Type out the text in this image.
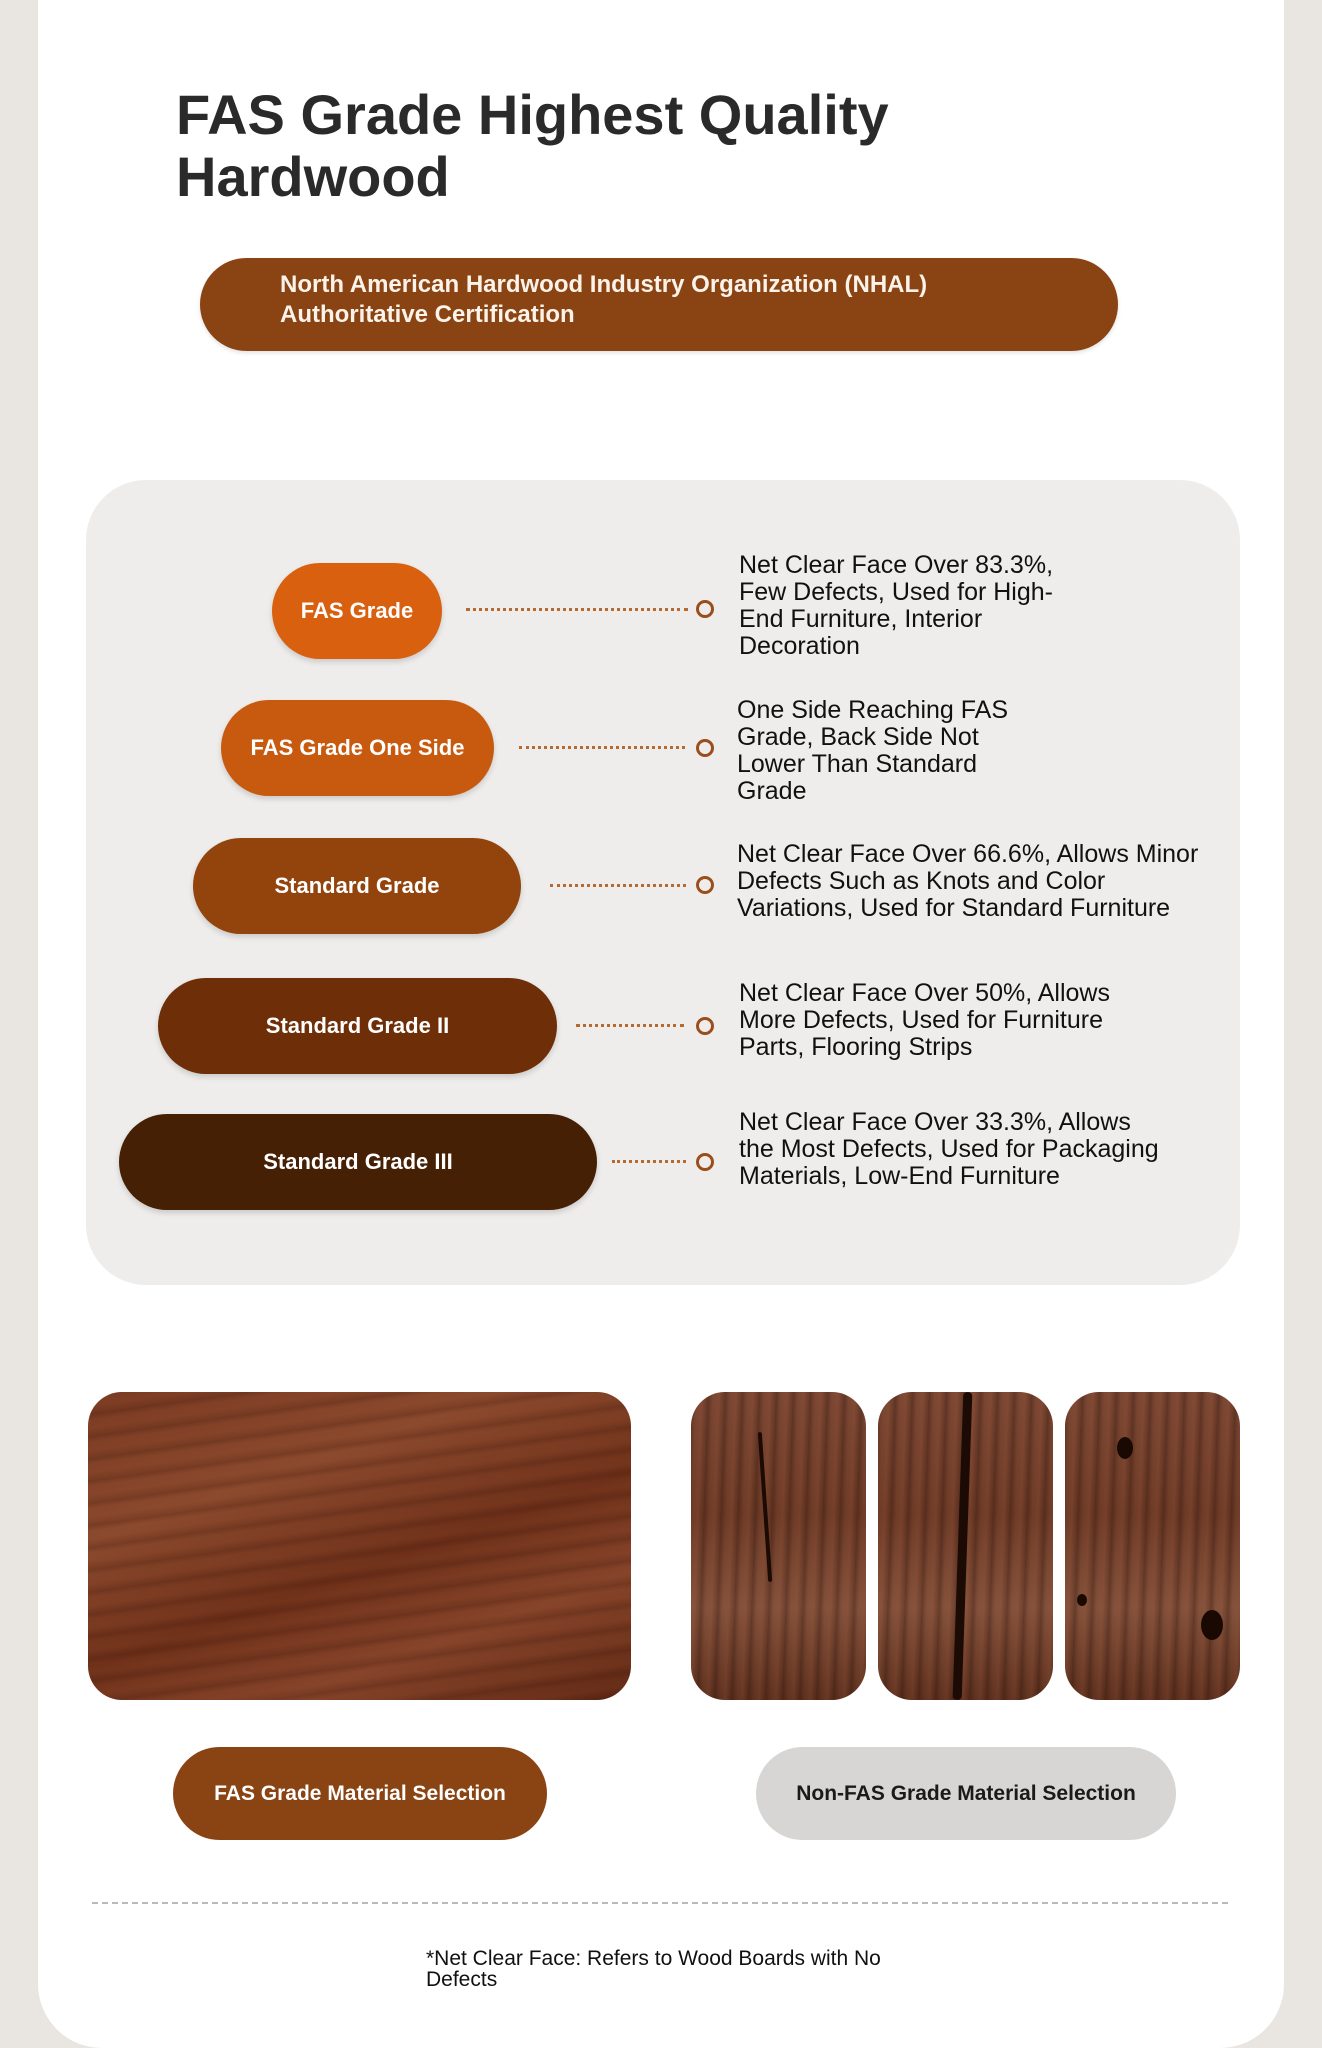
FAS Grade Highest Quality Hardwood
North American Hardwood Industry Organization (NHAL)
Authoritative Certification
FAS Grade
Net Clear Face Over 83.3%, Few Defects, Used for High-End Furniture, Interior Decoration
FAS Grade One Side
One Side Reaching FAS Grade, Back Side Not Lower Than Standard Grade
Standard Grade
Net Clear Face Over 66.6%, Allows Minor Defects Such as Knots and Color Variations, Used for Standard Furniture
Standard Grade II
Net Clear Face Over 50%, Allows More Defects, Used for Furniture Parts, Flooring Strips
Standard Grade III
Net Clear Face Over 33.3%, Allows the Most Defects, Used for Packaging Materials, Low-End Furniture
FAS Grade Material Selection	Non-FAS Grade Material Selection
*Net Clear Face: Refers to Wood Boards with No Defects
